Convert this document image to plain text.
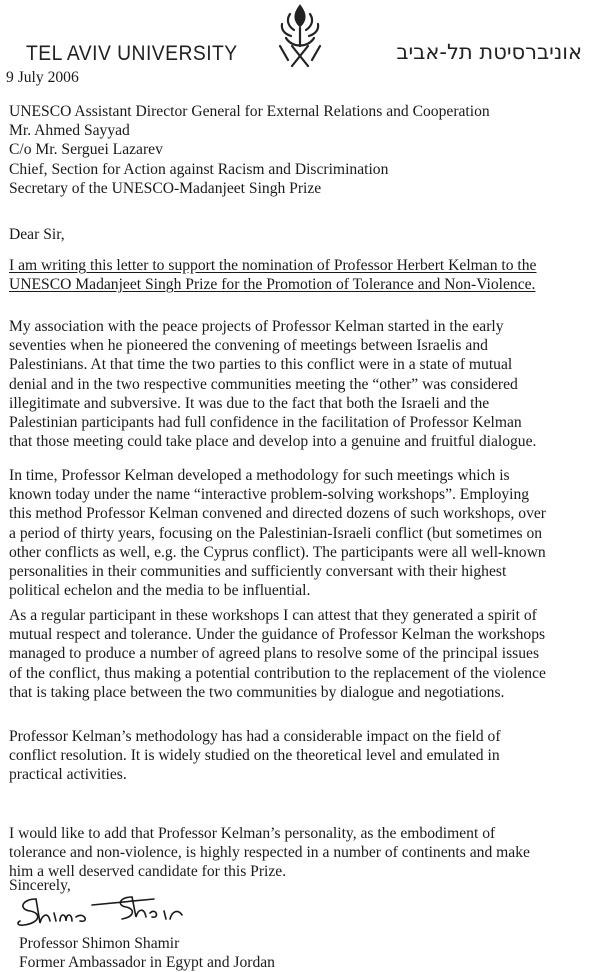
TEL AVIV UNIVERSITY	אוניברסיטת תל-אביב
9 July 2006
UNESCO Assistant Director General for External Relations and Cooperation
Mr. Ahmed Sayyad
C/o Mr. Serguei Lazarev
Chief, Section for Action against Racism and Discrimination
Secretary of the UNESCO-Madanjeet Singh Prize
Dear Sir,
I am writing this letter to support the nomination of Professor Herbert Kelman to the
UNESCO Madanjeet Singh Prize for the Promotion of Tolerance and Non-Violence.
My association with the peace projects of Professor Kelman started in the early
seventies when he pioneered the convening of meetings between Israelis and
Palestinians. At that time the two parties to this conflict were in a state of mutual
denial and in the two respective communities meeting the “other” was considered
illegitimate and subversive. It was due to the fact that both the Israeli and the
Palestinian participants had full confidence in the facilitation of Professor Kelman
that those meeting could take place and develop into a genuine and fruitful dialogue.
In time, Professor Kelman developed a methodology for such meetings which is
known today under the name “interactive problem-solving workshops”. Employing
this method Professor Kelman convened and directed dozens of such workshops, over
a period of thirty years, focusing on the Palestinian-Israeli conflict (but sometimes on
other conflicts as well, e.g. the Cyprus conflict). The participants were all well-known
personalities in their communities and sufficiently conversant with their highest
political echelon and the media to be influential.
As a regular participant in these workshops I can attest that they generated a spirit of
mutual respect and tolerance. Under the guidance of Professor Kelman the workshops
managed to produce a number of agreed plans to resolve some of the principal issues
of the conflict, thus making a potential contribution to the replacement of the violence
that is taking place between the two communities by dialogue and negotiations.
Professor Kelman’s methodology has had a considerable impact on the field of
conflict resolution. It is widely studied on the theoretical level and emulated in
practical activities.
I would like to add that Professor Kelman’s personality, as the embodiment of
tolerance and non-violence, is highly respected in a number of continents and make
him a well deserved candidate for this Prize.
Sincerely,
Professor Shimon Shamir
Former Ambassador in Egypt and Jordan
